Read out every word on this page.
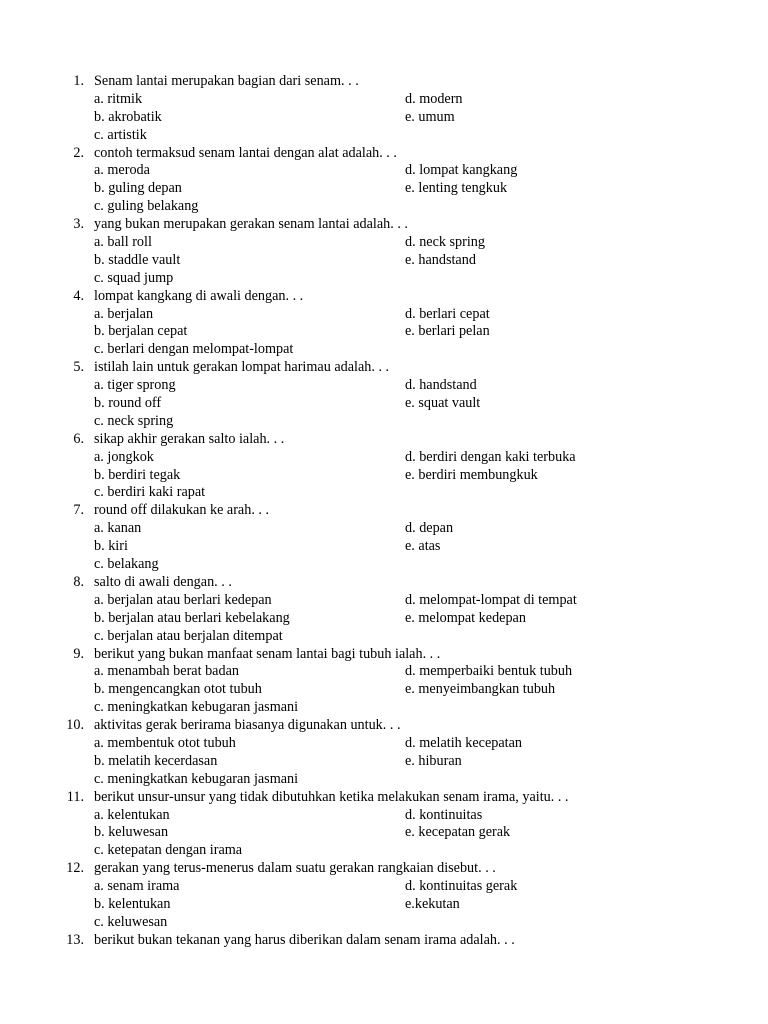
1. Senam lantai merupakan bagian dari senam. . .
a. ritmik	d. modern
b. akrobatik	e. umum
c. artistik
2. contoh termaksud senam lantai dengan alat adalah. . .
a. meroda	d. lompat kangkang
b. guling depan	e. lenting tengkuk
c. guling belakang
3. yang bukan merupakan gerakan senam lantai adalah. . .
a. ball roll	d. neck spring
b. staddle vault	e. handstand
c. squad jump
4. lompat kangkang di awali dengan. . .
a. berjalan	d. berlari cepat
b. berjalan cepat	e. berlari pelan
c. berlari dengan melompat-lompat
5. istilah lain untuk gerakan lompat harimau adalah. . .
a. tiger sprong	d. handstand
b. round off	e. squat vault
c. neck spring
6. sikap akhir gerakan salto ialah. . .
a. jongkok	d. berdiri dengan kaki terbuka
b. berdiri tegak	e. berdiri membungkuk
c. berdiri kaki rapat
7. round off dilakukan ke arah. . .
a. kanan	d. depan
b. kiri	e. atas
c. belakang
8. salto di awali dengan. . .
a. berjalan atau berlari kedepan	d. melompat-lompat di tempat
b. berjalan atau berlari kebelakang	e. melompat kedepan
c. berjalan atau berjalan ditempat
9. berikut yang bukan manfaat senam lantai bagi tubuh ialah. . .
a. menambah berat badan	d. memperbaiki bentuk tubuh
b. mengencangkan otot tubuh	e. menyeimbangkan tubuh
c. meningkatkan kebugaran jasmani
10. aktivitas gerak berirama biasanya digunakan untuk. . .
a. membentuk otot tubuh	d. melatih kecepatan
b. melatih kecerdasan	e. hiburan
c. meningkatkan kebugaran jasmani
11. berikut unsur-unsur yang tidak dibutuhkan ketika melakukan senam irama, yaitu. . .
a. kelentukan	d. kontinuitas
b. keluwesan	e. kecepatan gerak
c. ketepatan dengan irama
12. gerakan yang terus-menerus dalam suatu gerakan rangkaian disebut. . .
a. senam irama	d. kontinuitas gerak
b. kelentukan	e.kekutan
c. keluwesan
13. berikut bukan tekanan yang harus diberikan dalam senam irama adalah. . .
